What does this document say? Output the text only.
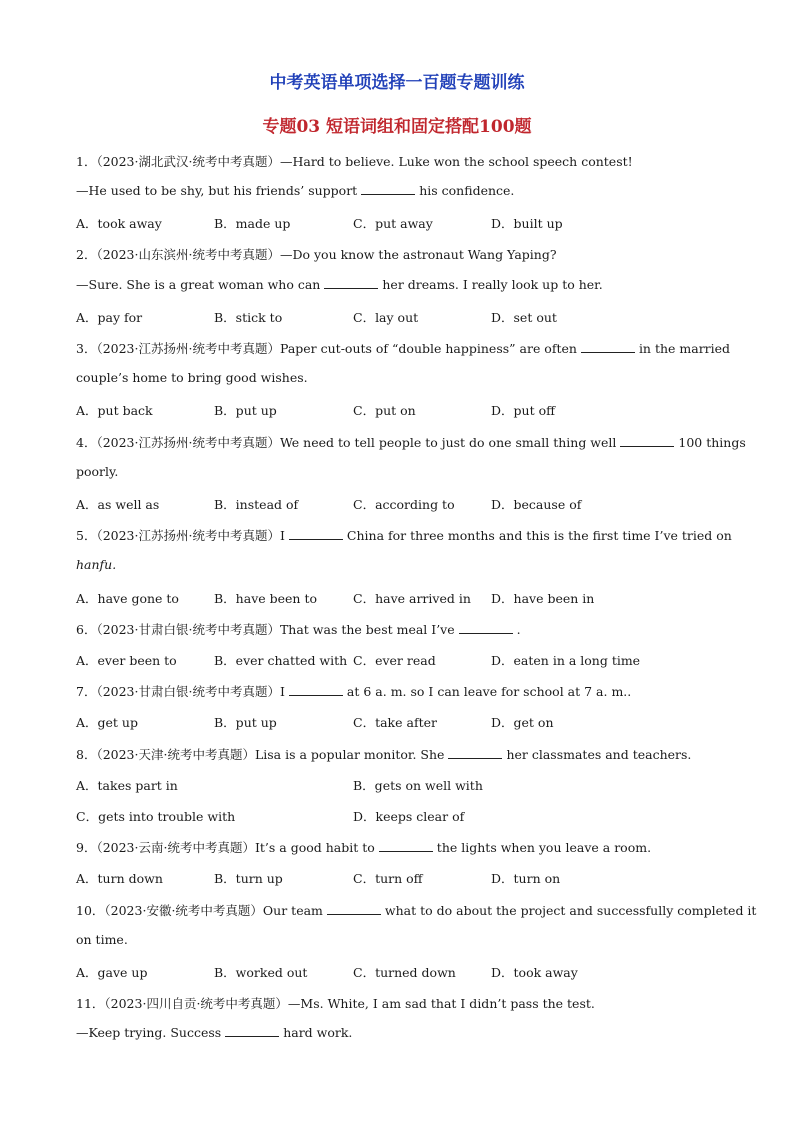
中考英语单项选择一百题专题训练
专题03 短语词组和固定搭配100题
1．（2023·湖北武汉·统考中考真题）—Hard to believe. Luke won the school speech contest!
—He used to be shy, but his friends’ support	his confidence.
A．took away	B．made up	C．put away	D．built up
2．（2023·山东滨州·统考中考真题）—Do you know the astronaut Wang Yaping?
—Sure. She is a great woman who can	her dreams. I really look up to her.
A．pay for	B．stick to	C．lay out	D．set out
3．（2023·江苏扬州·统考中考真题）Paper cut-outs of “double happiness” are often	in the married
couple’s home to bring good wishes.
A．put back	B．put up	C．put on	D．put off
4．（2023·江苏扬州·统考中考真题）We need to tell people to just do one small thing well	100 things
poorly.
A．as well as	B．instead of	C．according to	D．because of
5．（2023·江苏扬州·统考中考真题）I	China for three months and this is the first time I’ve tried on
hanfu.
A．have gone to	B．have been to	C．have arrived in D．have been in
6．（2023·甘肃白银·统考中考真题）That was the best meal I’ve	.
A．ever been to	B．ever chatted with C．ever read	D．eaten in a long time
7．（2023·甘肃白银·统考中考真题）I	at 6 a. m. so I can leave for school at 7 a. m..
A．get up	B．put up	C．take after	D．get on
8．（2023·天津·统考中考真题）Lisa is a popular monitor. She	her classmates and teachers.
A．takes part in	B．gets on well with
C．gets into trouble with	D．keeps clear of
9．（2023·云南·统考中考真题）It’s a good habit to	the lights when you leave a room.
A．turn down	B．turn up	C．turn off	D．turn on
10．（2023·安徽·统考中考真题）Our team	what to do about the project and successfully completed it
on time.
A．gave up	B．worked out	C．turned down	D．took away
11．（2023·四川自贡·统考中考真题）—Ms. White, I am sad that I didn’t pass the test.
—Keep trying. Success	hard work.
